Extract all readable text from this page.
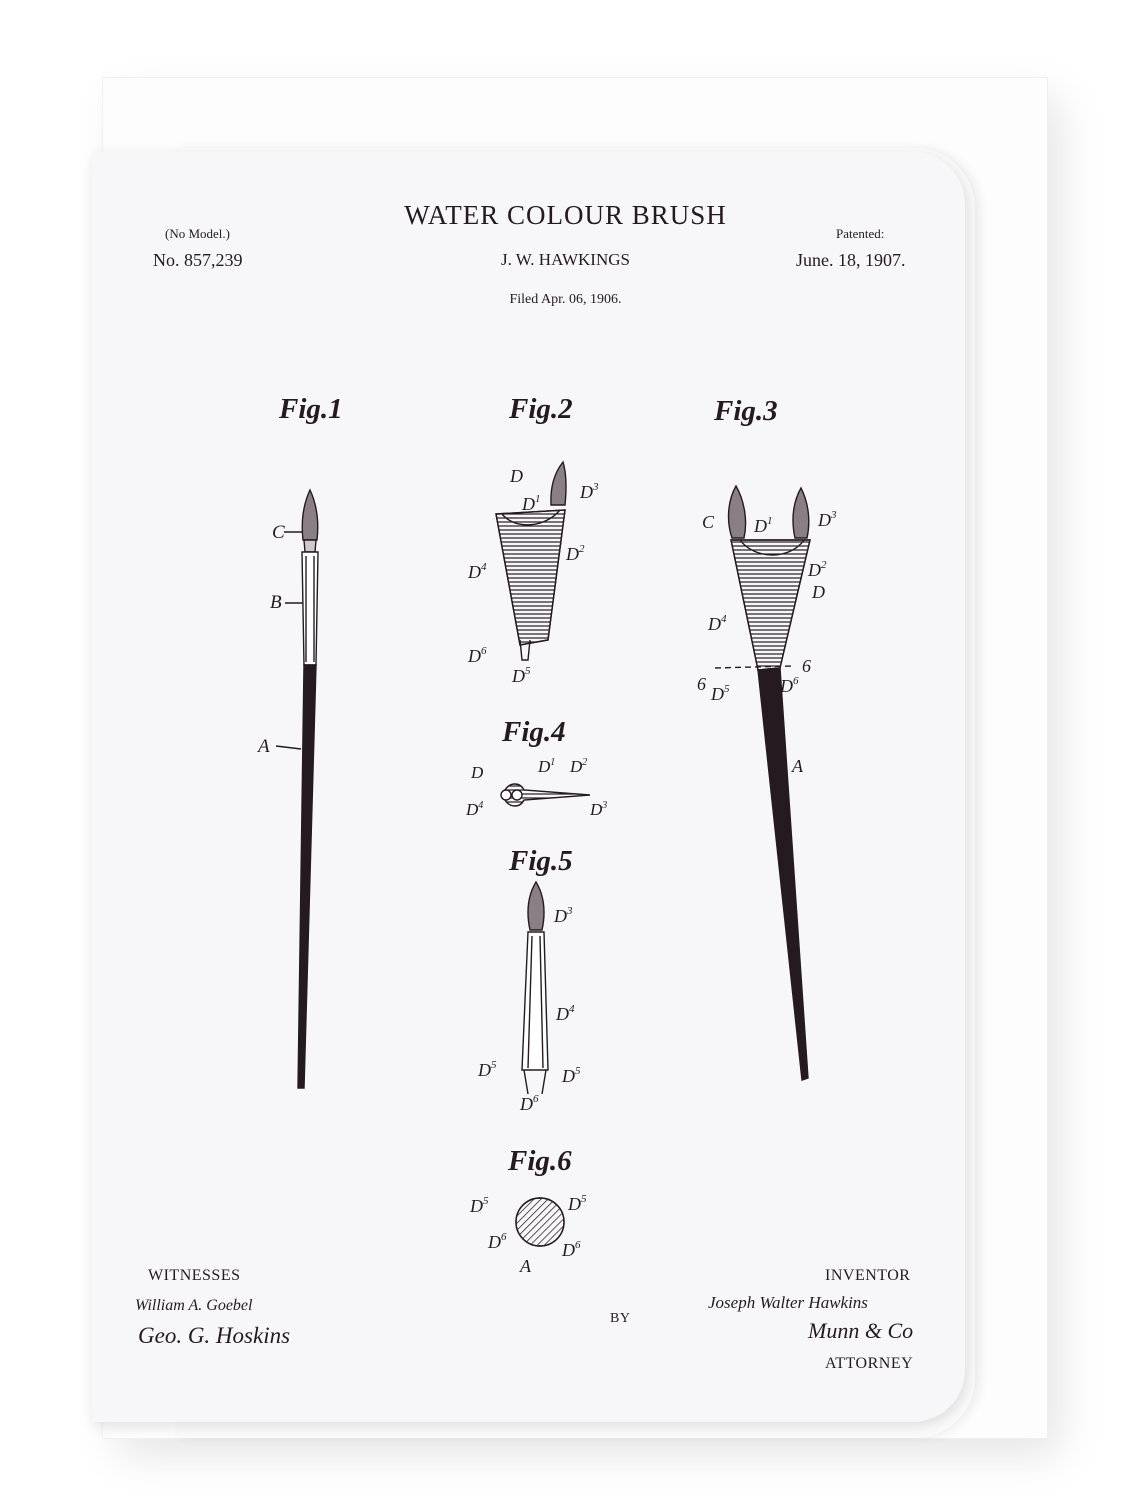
WATER COLOUR BRUSH
(No Model.)
No. 857,239	J. W. HAWKINGS
Patented:
June. 18, 1907.
Filed Apr. 06, 1906.
Fig.1	Fig.2	Fig.3
Fig.4
Fig.5
Fig.6
WITNESSES	INVENTOR
BY
ATTORNEY
Joseph Walter Hawkins
Munn & Co
William A. Goebel
Geo. G. Hoskins
C
B
A
D
$D^1$ $D^3$
$D^2$
$D^4$
$D^6$
$D^5$
C $D^1$	$D^3$
$D^2$
D
$D^4$
6
6
$D^5$	$D^6$
A
D	$D^1$ $D^2$
$D^4$	$D^3$
$D^3$
$D^4$
$D^5$
$D^5$
$D^6$
$D^5$	$D^5$
$D^6$
$D^6$
A
